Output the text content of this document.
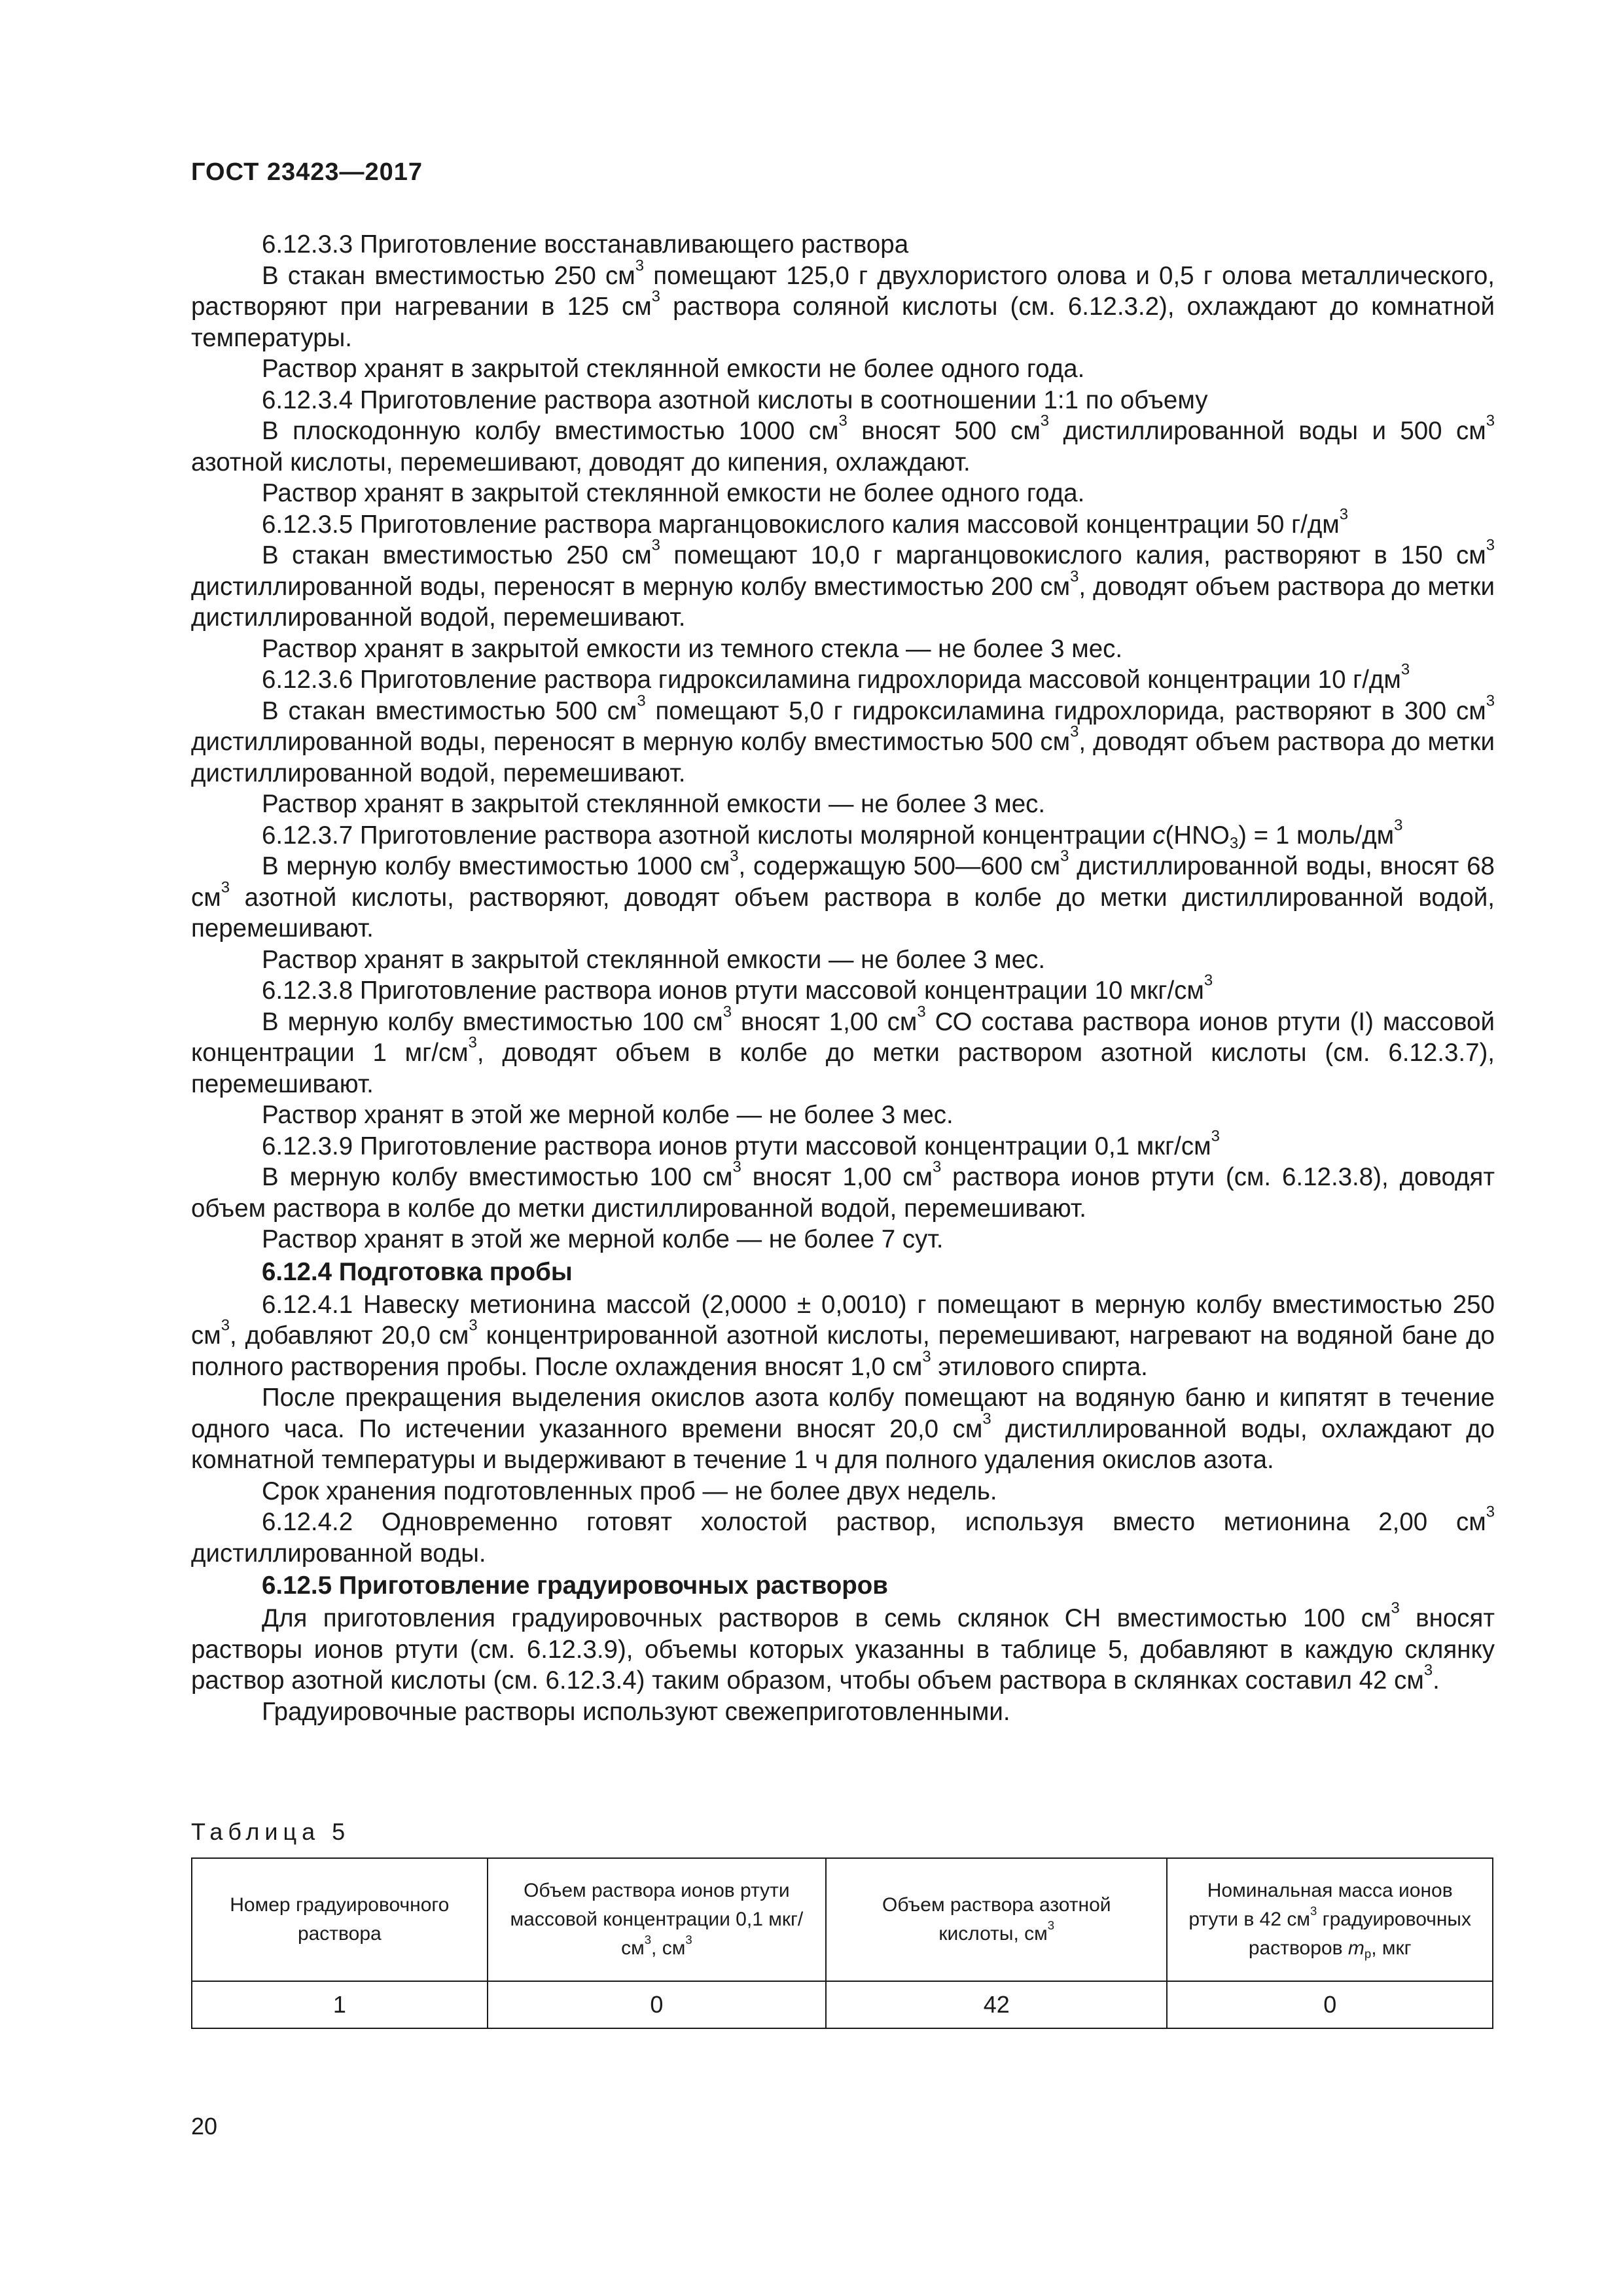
ГОСТ 23423—2017

6.12.3.3 Приготовление восстанавливающего раствора

В стакан вместимостью 250 $см^3$ помещают 125,0 г двухлористого олова и 0,5 г олова металлического, растворяют при нагревании в 125 $см^3$ раствора соляной кислоты (см. 6.12.3.2), охлаждают до комнатной температуры.

Раствор хранят в закрытой стеклянной емкости не более одного года.

6.12.3.4 Приготовление раствора азотной кислоты в соотношении 1:1 по объему

В плоскодонную колбу вместимостью 1000 $см^3$ вносят 500 $см^3$ дистиллированной воды и 500 $см^3$ азотной кислоты, перемешивают, доводят до кипения, охлаждают.

Раствор хранят в закрытой стеклянной емкости не более одного года.

6.12.3.5 Приготовление раствора марганцовокислого калия массовой концентрации 50 $г/дм^3$

В стакан вместимостью 250 $см^3$ помещают 10,0 г марганцовокислого калия, растворяют в 150 $см^3$ дистиллированной воды, переносят в мерную колбу вместимостью 200 $см^3$, доводят объем раствора до метки дистиллированной водой, перемешивают.

Раствор хранят в закрытой емкости из темного стекла — не более 3 мес.

6.12.3.6 Приготовление раствора гидроксиламина гидрохлорида массовой концентрации 10 $г/дм^3$

В стакан вместимостью 500 $см^3$ помещают 5,0 г гидроксиламина гидрохлорида, растворяют в 300 $см^3$ дистиллированной воды, переносят в мерную колбу вместимостью 500 $см^3$, доводят объем раствора до метки дистиллированной водой, перемешивают.

Раствор хранят в закрытой стеклянной емкости — не более 3 мес.

6.12.3.7 Приготовление раствора азотной кислоты молярной концентрации $c(HNO_3) = 1$ моль/$дм^3$

В мерную колбу вместимостью 1000 $см^3$, содержащую 500—600 $см^3$ дистиллированной воды, вносят 68 $см^3$ азотной кислоты, растворяют, доводят объем раствора в колбе до метки дистиллированной водой, перемешивают.

Раствор хранят в закрытой стеклянной емкости — не более 3 мес.

6.12.3.8 Приготовление раствора ионов ртути массовой концентрации 10 мкг/$см^3$

В мерную колбу вместимостью 100 $см^3$ вносят 1,00 $см^3$ СО состава раствора ионов ртути (I) массовой концентрации 1 $мг/см^3$, доводят объем в колбе до метки раствором азотной кислоты (см. 6.12.3.7), перемешивают.

Раствор хранят в этой же мерной колбе — не более 3 мес.

6.12.3.9 Приготовление раствора ионов ртути массовой концентрации 0,1 мкг/$см^3$

В мерную колбу вместимостью 100 $см^3$ вносят 1,00 $см^3$ раствора ионов ртути (см. 6.12.3.8), доводят объем раствора в колбе до метки дистиллированной водой, перемешивают.

Раствор хранят в этой же мерной колбе — не более 7 сут.

6.12.4 Подготовка пробы

6.12.4.1 Навеску метионина массой (2,0000 ± 0,0010) г помещают в мерную колбу вместимостью 250 $см^3$, добавляют 20,0 $см^3$ концентрированной азотной кислоты, перемешивают, нагревают на водяной бане до полного растворения пробы. После охлаждения вносят 1,0 $см^3$ этилового спирта.

После прекращения выделения окислов азота колбу помещают на водяную баню и кипятят в течение одного часа. По истечении указанного времени вносят 20,0 $см^3$ дистиллированной воды, охлаждают до комнатной температуры и выдерживают в течение 1 ч для полного удаления окислов азота.

Срок хранения подготовленных проб — не более двух недель.

6.12.4.2 Одновременно готовят холостой раствор, используя вместо метионина 2,00 $см^3$ дистиллированной воды.

6.12.5 Приготовление градуировочных растворов

Для приготовления градуировочных растворов в семь склянок СН вместимостью 100 $см^3$ вносят растворы ионов ртути (см. 6.12.3.9), объемы которых указанны в таблице 5, добавляют в каждую склянку раствор азотной кислоты (см. 6.12.3.4) таким образом, чтобы объем раствора в склянках составил 42 $см^3$.

Градуировочные растворы используют свежеприготовленными.

Таблица 5
Номер градуировочного раствора	Объем раствора ионов ртути массовой концентрации 0,1 мкг/$см^3$, $см^3$	Объем раствора азотной кислоты, $см^3$	Номинальная масса ионов ртути в 42 $см^3$ градуировочных растворов $m_р$, мкг
1	0	42	0
20
